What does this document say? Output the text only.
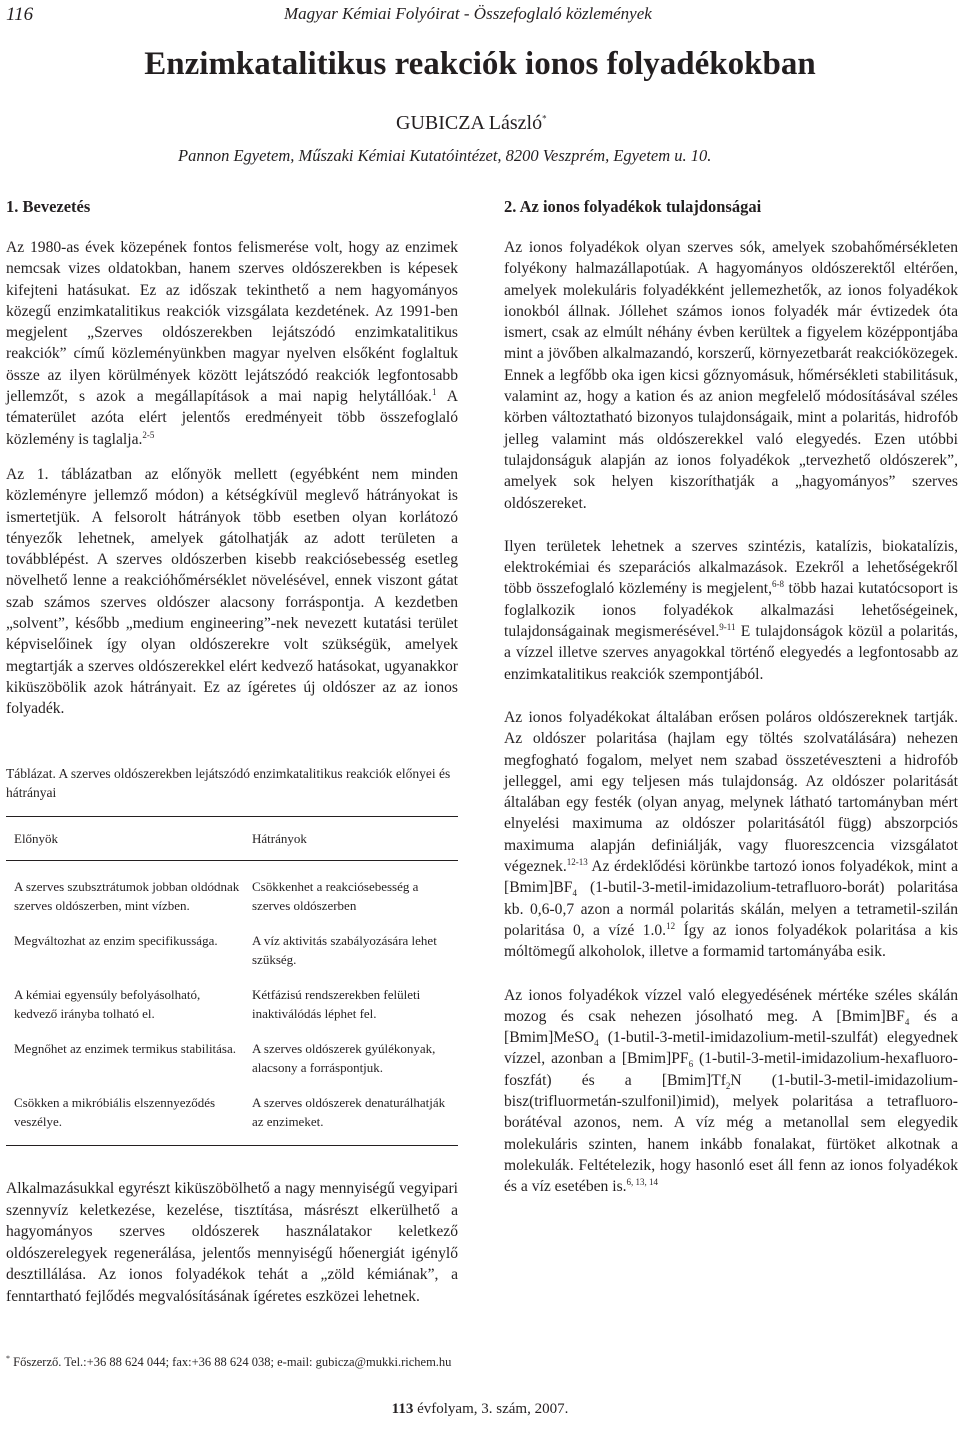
116	Magyar Kémiai Folyóirat - Összefoglaló közlemények
Enzimkatalitikus reakciók ionos folyadékokban
GUBICZA László*
Pannon Egyetem, Műszaki Kémiai Kutatóintézet, 8200 Veszprém, Egyetem u. 10.
1. Bevezetés	2. Az ionos folyadékok tulajdonságai

Az 1980-as évek közepének fontos felismerése volt, hogy az enzimek nemcsak vizes oldatokban, hanem szerves oldószerekben is képesek kifejteni hatásukat. Ez az időszak tekinthető a nem hagyományos közegű enzimkatalitikus reakciók vizsgálata kezdetének. Az 1991-ben megjelent „Szerves oldószerekben lejátszódó enzimkatalitikus reakciók” című közleményünkben magyar nyelven elsőként foglaltuk össze az ilyen körülmények között lejátszódó reakciók legfontosabb jellemzőt, s azok a megállapítások a mai napig helytállóak.$^1$ A tématerület azóta elért jelentős eredményeit több összefoglaló közlemény is taglalja.$^{2-5}$

Az 1. táblázatban az előnyök mellett (egyébként nem minden közleményre jellemző módon) a kétségkívül meglevő hátrányokat is ismertetjük. A felsorolt hátrányok több esetben olyan korlátozó tényezők lehetnek, amelyek gátolhatják az adott területen a továbblépést. A szerves oldószerben kisebb reakciósebesség esetleg növelhető lenne a reakcióhőmérséklet növelésével, ennek viszont gátat szab számos szerves oldószer alacsony forráspontja. A kezdetben „solvent”, később „medium engineering”-nek nevezett kutatási terület képviselőinek így olyan oldószerekre volt szükségük, amelyek megtartják a szerves oldószerekkel elért kedvező hatásokat, ugyanakkor kiküszöbölik azok hátrányait. Ez az ígéretes új oldószer az az ionos folyadék.

Táblázat. A szerves oldószerekben lejátszódó enzimkatalitikus reakciók előnyei és hátrányai
Előnyök	Hátrányok
A szerves szubsztrátumok jobban oldódnak szerves oldószerben, mint vízben.	Csökkenhet a reakciósebesség a szerves oldószerben
Megváltozhat az enzim specifikussága.	A víz aktivitás szabályozására lehet szükség.
A kémiai egyensúly befolyásolható, kedvező irányba tolható el.	Kétfázisú rendszerekben felületi inaktiválódás léphet fel.
Megnőhet az enzimek termikus stabilitása.	A szerves oldószerek gyúlékonyak, alacsony a forráspontjuk.
Csökken a mikróbiális elszennyeződés veszélye.	A szerves oldószerek denaturálhatják az enzimeket.
Alkalmazásukkal egyrészt kiküszöbölhető a nagy mennyiségű vegyipari szennyvíz keletkezése, kezelése, tisztítása, másrészt elkerülhető a hagyományos szerves oldószerek használatakor keletkező oldószerelegyek regenerálása, jelentős mennyiségű hőenergiát igénylő desztillálása. Az ionos folyadékok tehát a „zöld kémiának”, a fenntartható fejlődés megvalósításának ígéretes eszközei lehetnek.

Az ionos folyadékok olyan szerves sók, amelyek szobahőmérsékleten folyékony halmazállapotúak. A hagyományos oldószerektől eltérően, amelyek molekuláris folyadékként jellemezhetők, az ionos folyadékok ionokból állnak. Jóllehet számos ionos folyadék már évtizedek óta ismert, csak az elmúlt néhány évben kerültek a figyelem középpontjába mint a jövőben alkalmazandó, korszerű, környezetbarát reakcióközegek. Ennek a legfőbb oka igen kicsi gőznyomásuk, hőmérsékleti stabilitásuk, valamint az, hogy a kation és az anion megfelelő módosításával széles körben változtatható bizonyos tulajdonságaik, mint a polaritás, hidrofób jelleg valamint más oldószerekkel való elegyedés. Ezen utóbbi tulajdonságuk alapján az ionos folyadékok „tervezhető oldószerek”, amelyek sok helyen kiszoríthatják a „hagyományos” szerves oldószereket.

Ilyen területek lehetnek a szerves szintézis, katalízis, biokatalízis, elektrokémiai és szeparációs alkalmazások. Ezekről a lehetőségekről több összefoglaló közlemény is megjelent,$^{6-8}$ több hazai kutatócsoport is foglalkozik ionos folyadékok alkalmazási lehetőségeinek, tulajdonságainak megismerésével.$^{9-11}$ E tulajdonságok közül a polaritás, a vízzel illetve szerves anyagokkal történő elegyedés a legfontosabb az enzimkatalitikus reakciók szempontjából.

Az ionos folyadékokat általában erősen poláros oldószereknek tartják. Az oldószer polaritása (hajlam egy töltés szolvatálására) nehezen megfogható fogalom, melyet nem szabad összetéveszteni a hidrofób jelleggel, ami egy teljesen más tulajdonság. Az oldószer polaritását általában egy festék (olyan anyag, melynek látható tartományban mért elnyelési maximuma az oldószer polaritásától függ) abszorpciós maximuma alapján definiálják, vagy fluoreszcencia vizsgálatot végeznek.$^{12-13}$ Az érdeklődési körünkbe tartozó ionos folyadékok, mint a $[Bmim]BF_4$ (1-butil-3-metil-imidazolium-tetrafluoro-borát) polaritása kb. 0,6-0,7 azon a normál polaritás skálán, melyen a tetrametil-szilán polaritása 0, a vízé 1.0.12 Így az ionos folyadékok polaritása a kis móltömegű alkoholok, illetve a formamid tartományába esik.

Az ionos folyadékok vízzel való elegyedésének mértéke széles skálán mozog és csak nehezen jósolható meg. A $[Bmim]BF_4$ és a [Bmim]MeSO$_4$ (1-butil-3-metil-imidazolium-metil-szulfát) elegyednek vízzel, azonban a $[Bmim]PF_6$ (1-butil-3-metil-imidazolium-hexafluoro-foszfát) és a $[Bmim]Tf_2N$ (1-butil-3-metil-imidazolium-bisz(trifluormetán-szulfonil)imid), melyek polaritása a tetrafluoro-borátéval azonos, nem. A víz még a metanollal sem elegyedik molekuláris szinten, hanem inkább fonalakat, fürtöket alkotnak a molekulák. Feltételezik, hogy hasonló eset áll fenn az ionos folyadékok és a víz esetében is.$^{6, 13, 14}$

* Főszerző. Tel.:+36 88 624 044; fax:+36 88 624 038; e-mail: gubicza@mukki.richem.hu
113 évfolyam, 3. szám, 2007.
